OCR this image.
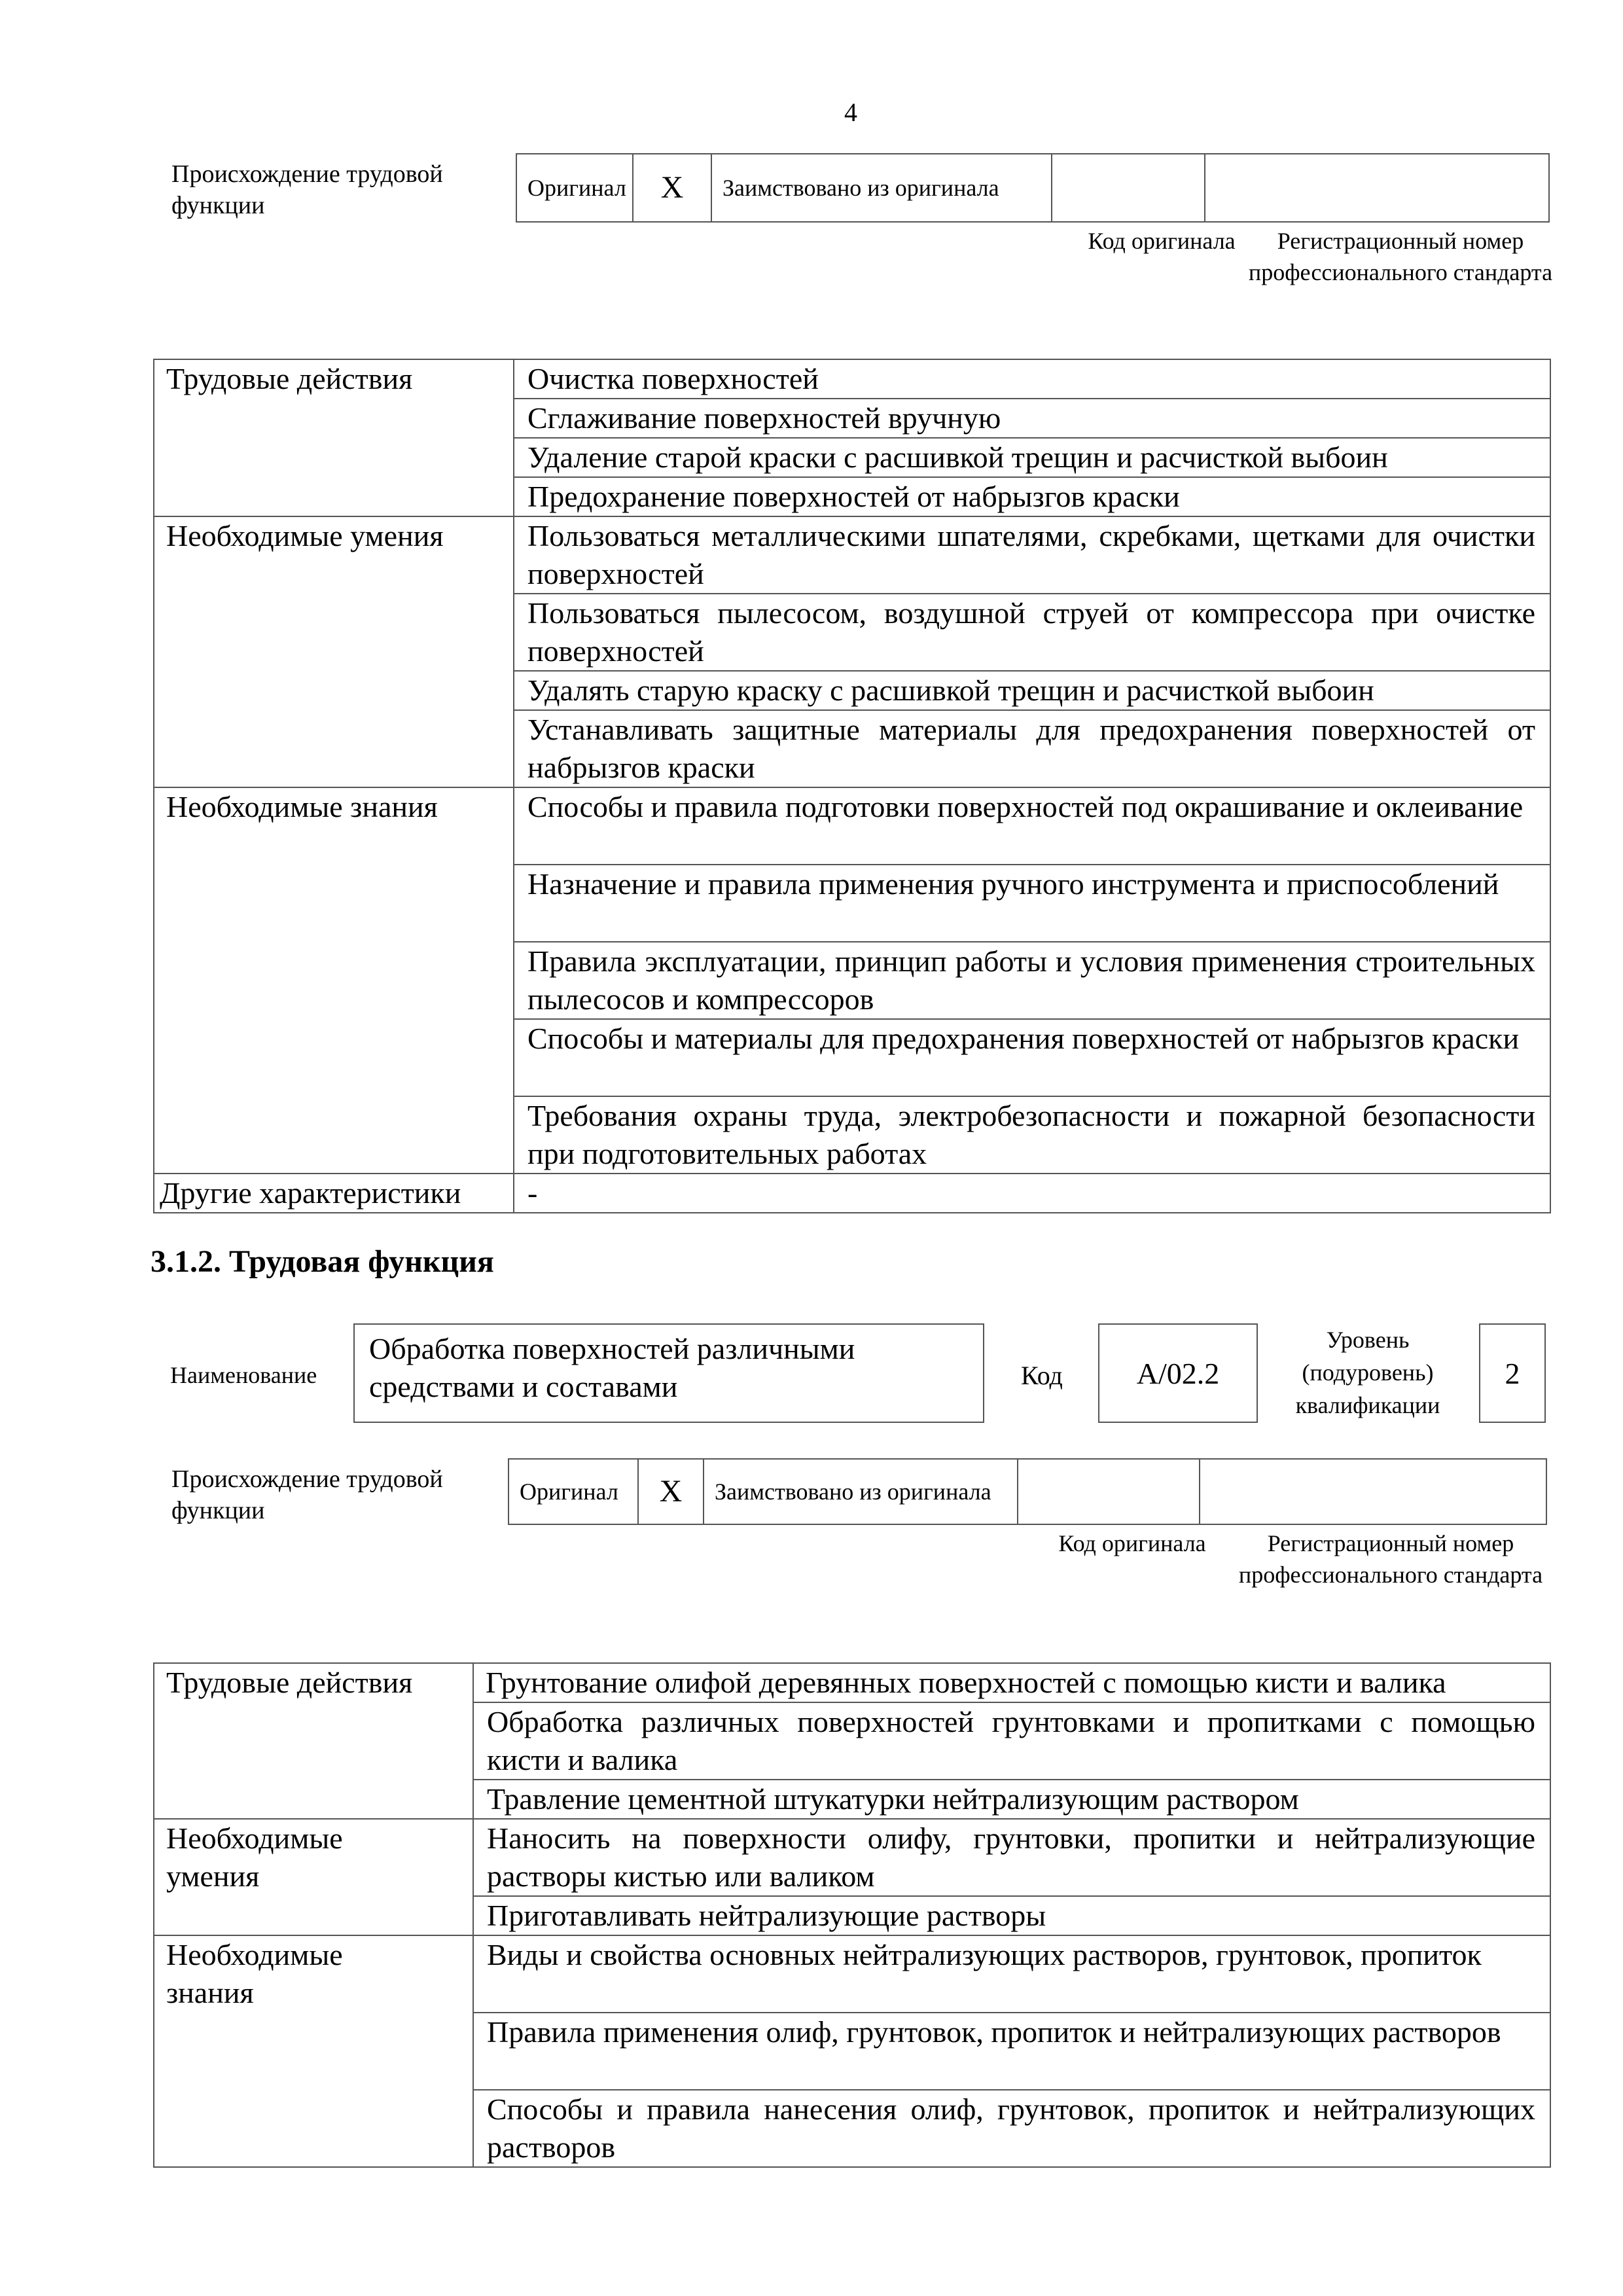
4
Происхождение трудовой функции
Оригинал	X	Заимствовано из оригинала		
Код оригинала	Регистрационный номер профессионального стандарта
Трудовые действия	Очистка поверхностей
	Сглаживание поверхностей вручную
	Удаление старой краски с расшивкой трещин и расчисткой выбоин
	Предохранение поверхностей от набрызгов краски
Необходимые умения	Пользоваться металлическими шпателями, скребками, щетками для очистки поверхностей
	Пользоваться пылесосом, воздушной струей от компрессора при очистке поверхностей
	Удалять старую краску с расшивкой трещин и расчисткой выбоин
	Устанавливать защитные материалы для предохранения поверхностей от набрызгов краски
Необходимые знания	Способы и правила подготовки поверхностей под окрашивание и оклеивание
	Назначение и правила применения ручного инструмента и приспособлений
	Правила эксплуатации, принцип работы и условия применения строительных пылесосов и компрессоров
	Способы и материалы для предохранения поверхностей от набрызгов краски
	Требования охраны труда, электробезопасности и пожарной безопасности при подготовительных работах
Другие характеристики	-
3.1.2. Трудовая функция
Наименование
Обработка поверхностей различными средствами и составами	Код	A/02.2
Уровень (подуровень) квалификации
2
Происхождение трудовой функции
Оригинал	X	Заимствовано из оригинала		
Код оригинала	Регистрационный номер профессионального стандарта
Трудовые действия	Грунтование олифой деревянных поверхностей с помощью кисти и валика
	Обработка различных поверхностей грунтовками и пропитками с помощью кисти и валика
	Травление цементной штукатурки нейтрализующим раствором

Необходимые умения	Наносить на поверхности олифу, грунтовки, пропитки и нейтрализующие растворы кистью или валиком
	Приготавливать нейтрализующие растворы

Необходимые знания	Виды и свойства основных нейтрализующих растворов, грунтовок, пропиток
	Правила применения олиф, грунтовок, пропиток и нейтрализующих растворов
	Способы и правила нанесения олиф, грунтовок, пропиток и нейтрализующих растворов
